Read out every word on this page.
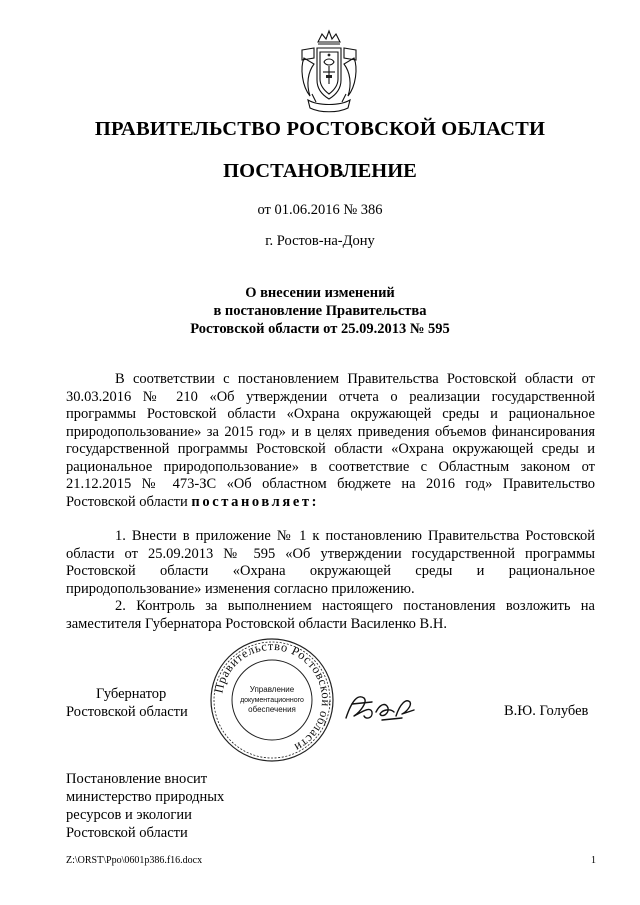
ПРАВИТЕЛЬСТВО РОСТОВСКОЙ ОБЛАСТИ
ПОСТАНОВЛЕНИЕ
от 01.06.2016 № 386
г. Ростов-на-Дону
О внесении изменений
в постановление Правительства
Ростовской области от 25.09.2013 № 595
В соответствии с постановлением Правительства Ростовской области от 30.03.2016 № 210 «Об утверждении отчета о реализации государственной программы Ростовской области «Охрана окружающей среды и рациональное природопользование» за 2015 год» и в целях приведения объемов финансирования государственной программы Ростовской области «Охрана окружающей среды и рациональное природопользование» в соответствие с Областным законом от 21.12.2015 № 473-ЗС «Об областном бюджете на 2016 год» Правительство Ростовской области постановляет:
1. Внести в приложение № 1 к постановлению Правительства Ростовской области от 25.09.2013 № 595 «Об утверждении государственной программы Ростовской области «Охрана окружающей среды и рациональное природопользование» изменения согласно приложению.
2. Контроль за выполнением настоящего постановления возложить на заместителя Губернатора Ростовской области Василенко В.Н.
Губернатор
Ростовской области
Правительство Ростовской области
Управление
документационного
обеспечения	В.Ю. Голубев
Постановление вносит
министерство природных
ресурсов и экологии
Ростовской области
Z:\ORST\Ppo\0601p386.f16.docx	1
